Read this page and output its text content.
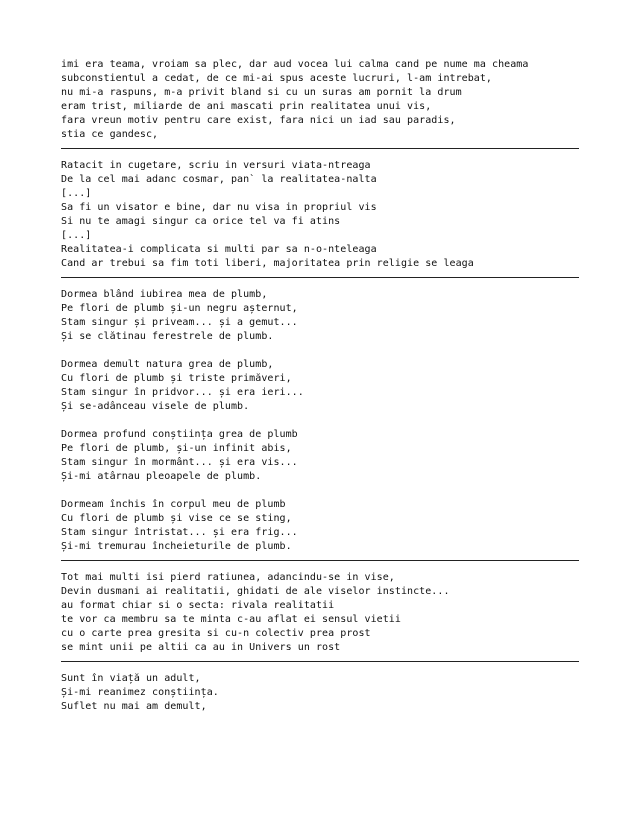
imi era teama, vroiam sa plec, dar aud vocea lui calma cand pe nume ma cheama
subconstientul a cedat, de ce mi-ai spus aceste lucruri, l-am intrebat,
nu mi-a raspuns, m-a privit bland si cu un suras am pornit la drum
eram trist, miliarde de ani mascati prin realitatea unui vis,
fara vreun motiv pentru care exist, fara nici un iad sau paradis,
stia ce gandesc,
Ratacit in cugetare, scriu in versuri viata-ntreaga
De la cel mai adanc cosmar, pan` la realitatea-nalta
[...]
Sa fi un visator e bine, dar nu visa in propriul vis
Si nu te amagi singur ca orice tel va fi atins
[...]
Realitatea-i complicata si multi par sa n-o-nteleaga
Cand ar trebui sa fim toti liberi, majoritatea prin religie se leaga
Dormea blând iubirea mea de plumb,
Pe flori de plumb și-un negru așternut,
Stam singur și priveam... și a gemut...
Și se clătinau ferestrele de plumb.
Dormea demult natura grea de plumb,
Cu flori de plumb și triste primăveri,
Stam singur în pridvor... și era ieri...
Și se-adânceau visele de plumb.
Dormea profund conștiința grea de plumb
Pe flori de plumb, și-un infinit abis,
Stam singur în mormânt... și era vis...
Și-mi atârnau pleoapele de plumb.
Dormeam închis în corpul meu de plumb
Cu flori de plumb și vise ce se sting,
Stam singur întristat... și era frig...
Și-mi tremurau încheieturile de plumb.
Tot mai multi isi pierd ratiunea, adancindu-se in vise,
Devin dusmani ai realitatii, ghidati de ale viselor instincte...
au format chiar si o secta: rivala realitatii
te vor ca membru sa te minta c-au aflat ei sensul vietii
cu o carte prea gresita si cu-n colectiv prea prost
se mint unii pe altii ca au in Univers un rost
Sunt în viață un adult,
Și-mi reanimez conștiința.
Suflet nu mai am demult,
